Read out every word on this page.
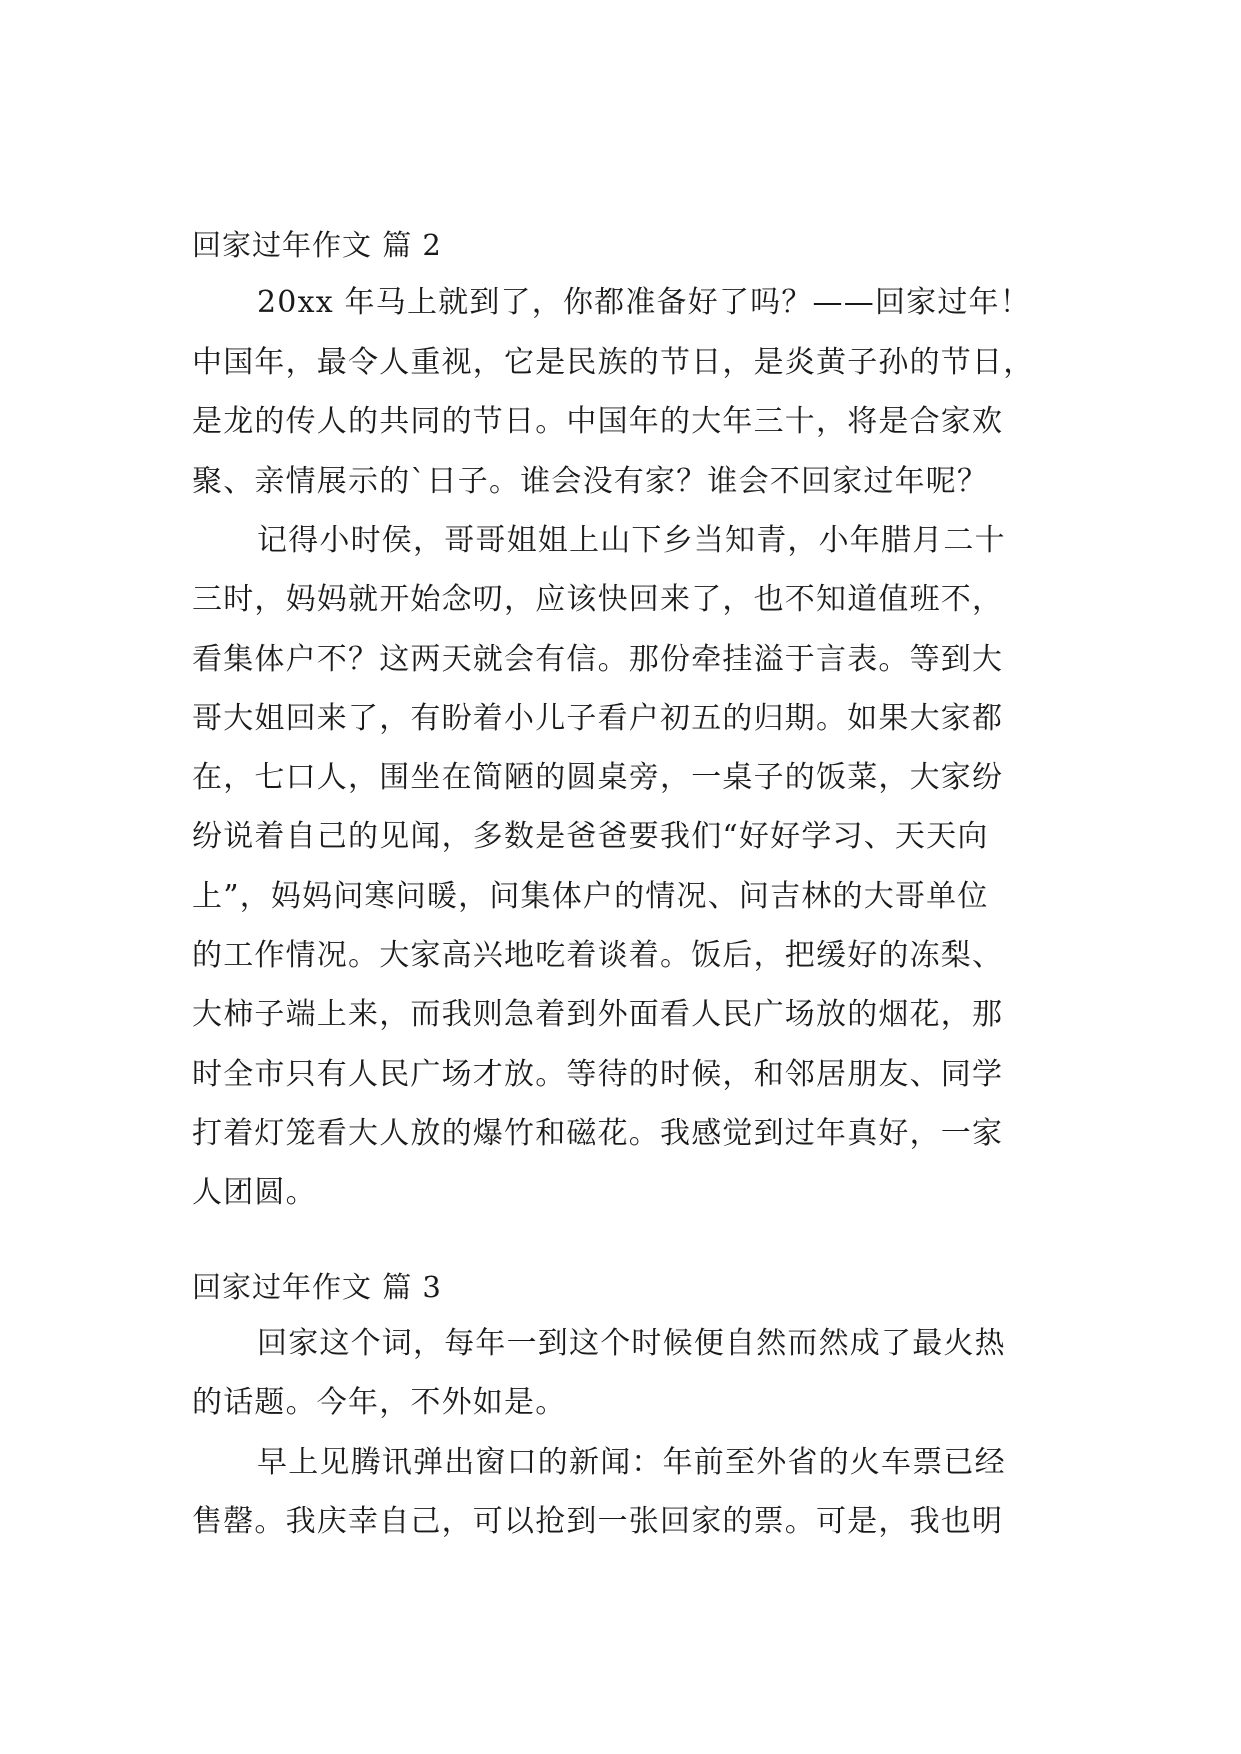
回家过年作文 篇 2
20xx 年马上就到了，你都准备好了吗？——回家过年！
中国年，最令人重视，它是民族的节日，是炎黄子孙的节日，
是龙的传人的共同的节日。中国年的大年三十，将是合家欢
聚、亲情展示的`日子。谁会没有家？谁会不回家过年呢？
记得小时侯，哥哥姐姐上山下乡当知青，小年腊月二十
三时，妈妈就开始念叨，应该快回来了，也不知道值班不，
看集体户不？这两天就会有信。那份牵挂溢于言表。等到大
哥大姐回来了，有盼着小儿子看户初五的归期。如果大家都
在，七口人，围坐在简陋的圆桌旁，一桌子的饭菜，大家纷
纷说着自己的见闻，多数是爸爸要我们“好好学习、天天向
上”，妈妈问寒问暖，问集体户的情况、问吉林的大哥单位
的工作情况。大家高兴地吃着谈着。饭后，把缓好的冻梨、
大柿子端上来，而我则急着到外面看人民广场放的烟花，那
时全市只有人民广场才放。等待的时候，和邻居朋友、同学
打着灯笼看大人放的爆竹和磁花。我感觉到过年真好，一家
人团圆。
回家过年作文 篇 3
回家这个词，每年一到这个时候便自然而然成了最火热
的话题。今年，不外如是。
早上见腾讯弹出窗口的新闻：年前至外省的火车票已经
售罄。我庆幸自己，可以抢到一张回家的票。可是，我也明
